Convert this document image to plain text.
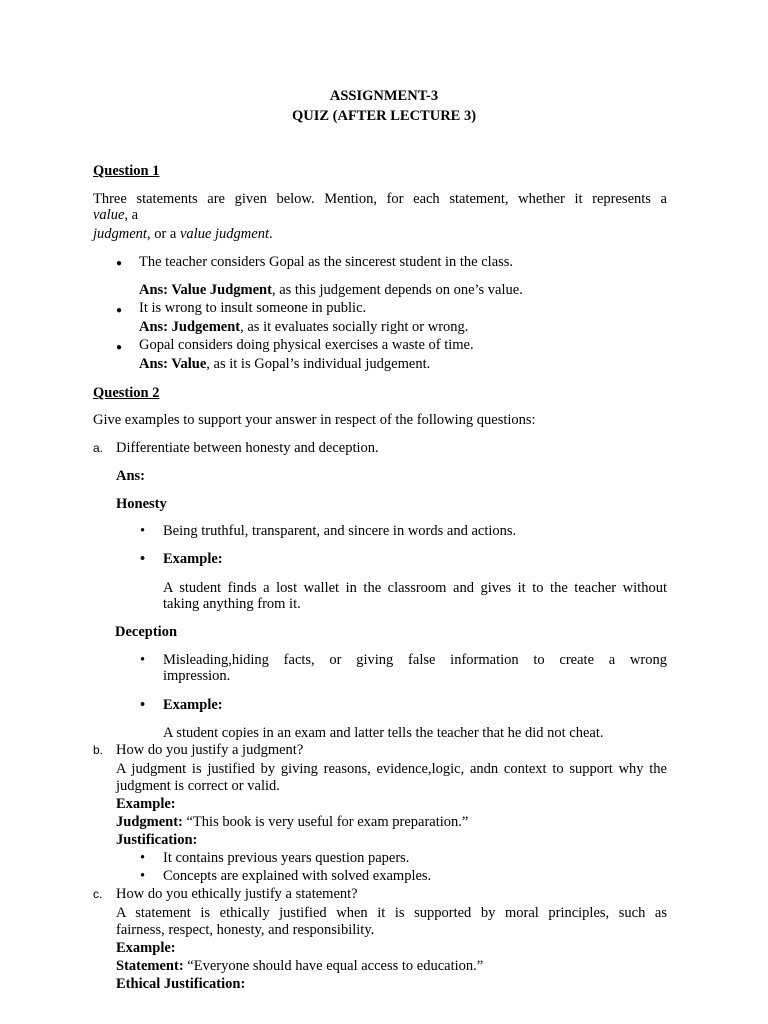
ASSIGNMENT-3
QUIZ (AFTER LECTURE 3)
Question 1
Three statements are given below. Mention, for each statement, whether it represents a
value, a
judgment, or a value judgment.
● The teacher considers Gopal as the sincerest student in the class.
Ans: Value Judgment, as this judgement depends on one’s value.
● It is wrong to insult someone in public.
Ans: Judgement, as it evaluates socially right or wrong.
● Gopal considers doing physical exercises a waste of time.
Ans: Value, as it is Gopal’s individual judgement.
Question 2
Give examples to support your answer in respect of the following questions:
a. Differentiate between honesty and deception.
Ans:
Honesty
• Being truthful, transparent, and sincere in words and actions.
• Example:
A student finds a lost wallet in the classroom and gives it to the teacher without
taking anything from it.
Deception
• Misleading,hiding facts, or giving false information to create a wrong
impression.
• Example:
A student copies in an exam and latter tells the teacher that he did not cheat.
b. How do you justify a judgment?
A judgment is justified by giving reasons, evidence,logic, andn context to support why the
judgment is correct or valid.
Example:
Judgment: “This book is very useful for exam preparation.”
Justification:
• It contains previous years question papers.
• Concepts are explained with solved examples.
c. How do you ethically justify a statement?
A statement is ethically justified when it is supported by moral principles, such as
fairness, respect, honesty, and responsibility.
Example:
Statement: “Everyone should have equal access to education.”
Ethical Justification:
